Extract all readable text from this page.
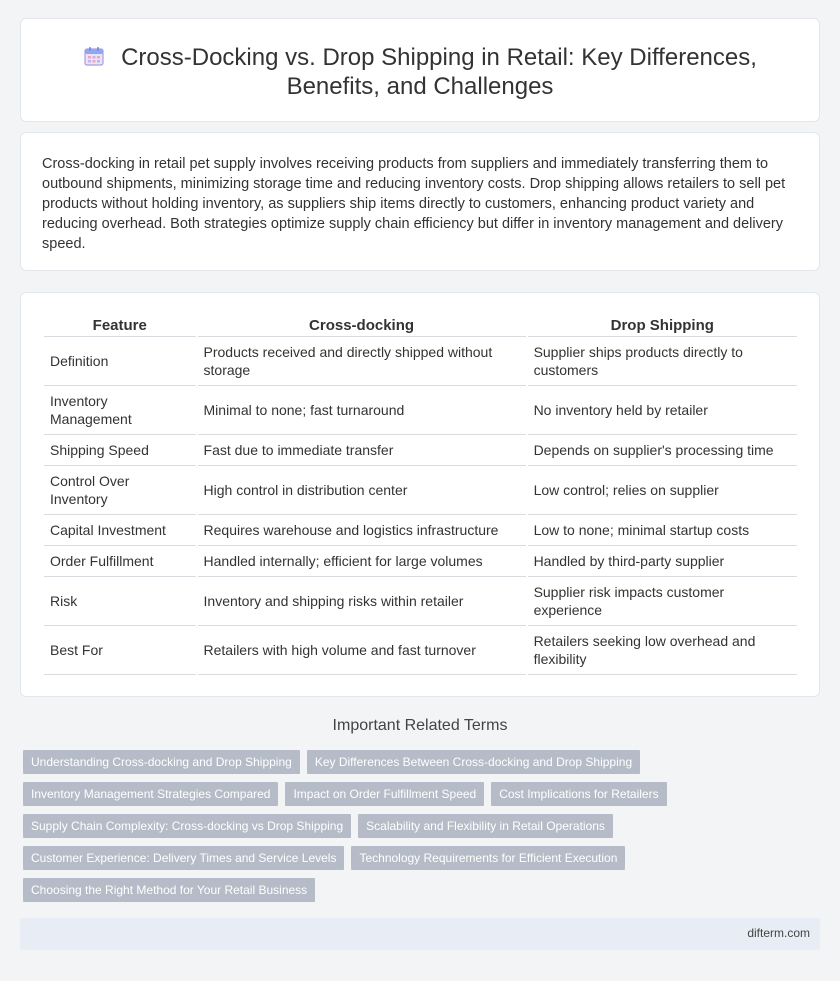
Cross-Docking vs. Drop Shipping in Retail: Key Differences,
Benefits, and Challenges

Cross-docking in retail pet supply involves receiving products from suppliers and immediately transferring them to outbound shipments, minimizing storage time and reducing inventory costs. Drop shipping allows retailers to sell pet products without holding inventory, as suppliers ship items directly to customers, enhancing product variety and reducing overhead. Both strategies optimize supply chain efficiency but differ in inventory management and delivery speed.

Feature	Cross-docking	Drop Shipping
Definition	Products received and directly shipped without storage	Supplier ships products directly to customers
Inventory Management	Minimal to none; fast turnaround	No inventory held by retailer
Shipping Speed	Fast due to immediate transfer	Depends on supplier's processing time
Control Over Inventory	High control in distribution center	Low control; relies on supplier
Capital Investment	Requires warehouse and logistics infrastructure	Low to none; minimal startup costs
Order Fulfillment	Handled internally; efficient for large volumes	Handled by third-party supplier
Risk	Inventory and shipping risks within retailer	Supplier risk impacts customer experience
Best For	Retailers with high volume and fast turnover	Retailers seeking low overhead and flexibility
Important Related Terms
Understanding Cross-docking and Drop Shipping	Key Differences Between Cross-docking and Drop Shipping
Inventory Management Strategies Compared	Impact on Order Fulfillment Speed	Cost Implications for Retailers
Supply Chain Complexity: Cross-docking vs Drop Shipping	Scalability and Flexibility in Retail Operations
Customer Experience: Delivery Times and Service Levels	Technology Requirements for Efficient Execution
Choosing the Right Method for Your Retail Business
difterm.com
